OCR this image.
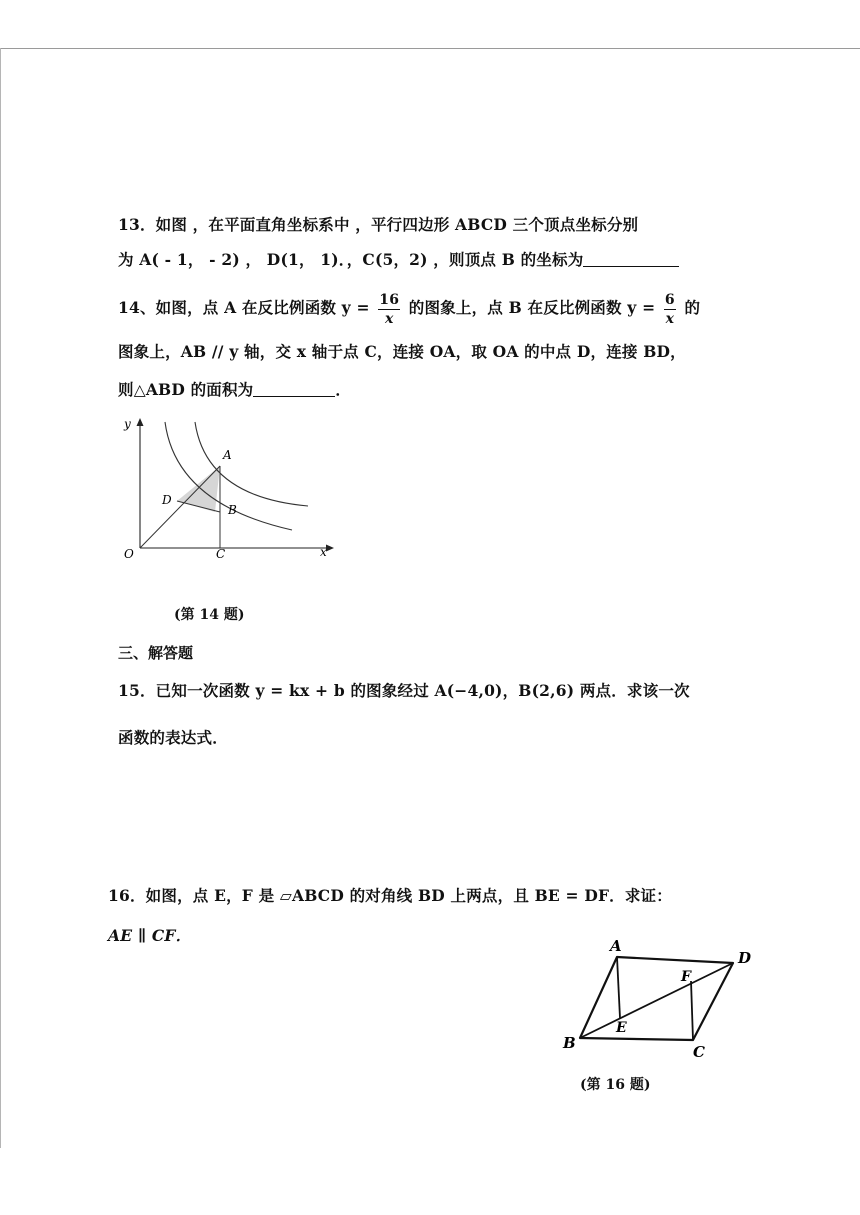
13．如图 ，在平面直角坐标系中 ，平行四边形 ABCD 三个顶点坐标分别
为 A( - 1， - 2) ， D(1， 1)．，C(5，2) ，则顶点 B 的坐标为
14、如图，点 A 在反比例函数 $y = \frac{16}{x}$ 的图象上，点 B 在反比例函数 $y = \frac{6}{x}$ 的
图象上，AB // y 轴，交 x 轴于点 C，连接 OA，取 OA 的中点 D，连接 BD，
则△ABD 的面积为	．
y
x
O
A
B
C
D
(第 14 题)
三、解答题
15．已知一次函数 y = kx + b 的图象经过 A(−4,0)，B(2,6) 两点．求该一次
函数的表达式．
16．如图，点 E，F 是 ▱ABCD 的对角线 BD 上两点，且 BE = DF．求证：
AE ∥ CF．
A
B	C
D
E
F
(第 16 题)
